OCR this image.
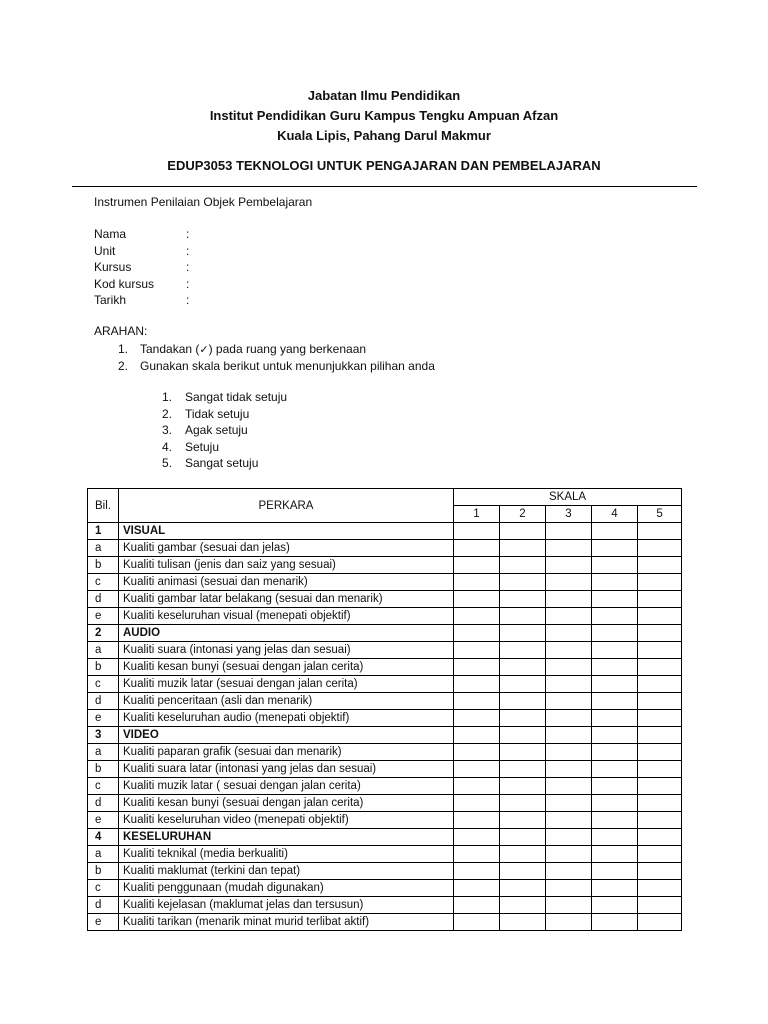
Jabatan Ilmu Pendidikan
Institut Pendidikan Guru Kampus Tengku Ampuan Afzan
Kuala Lipis, Pahang Darul Makmur
EDUP3053 TEKNOLOGI UNTUK PENGAJARAN DAN PEMBELAJARAN
Instrumen Penilaian Objek Pembelajaran
Nama	:
Unit	:
Kursus	:
Kod kursus	:
Tarikh	:
ARAHAN:
1. Tandakan (✓) pada ruang yang berkenaan
2. Gunakan skala berikut untuk menunjukkan pilihan anda
1. Sangat tidak setuju
2. Tidak setuju
3. Agak setuju
4. Setuju
5. Sangat setuju
Bil.	PERKARA	SKALA				
		1	2	3	4	5
1	VISUAL					
a	Kualiti gambar (sesuai dan jelas)					
b	Kualiti tulisan (jenis dan saiz yang sesuai)					
c	Kualiti animasi (sesuai dan menarik)					
d	Kualiti gambar latar belakang (sesuai dan menarik)					
e	Kualiti keseluruhan visual (menepati objektif)					
2	AUDIO					
a	Kualiti suara (intonasi yang jelas dan sesuai)					
b	Kualiti kesan bunyi (sesuai dengan jalan cerita)					
c	Kualiti muzik latar (sesuai dengan jalan cerita)					
d	Kualiti penceritaan (asli dan menarik)					
e	Kualiti keseluruhan audio (menepati objektif)					
3	VIDEO					
a	Kualiti paparan grafik (sesuai dan menarik)					
b	Kualiti suara latar (intonasi yang jelas dan sesuai)					
c	Kualiti muzik latar ( sesuai dengan jalan cerita)					
d	Kualiti kesan bunyi (sesuai dengan jalan cerita)					
e	Kualiti keseluruhan video (menepati objektif)					
4	KESELURUHAN					
a	Kualiti teknikal (media berkualiti)					
b	Kualiti maklumat (terkini dan tepat)					
c	Kualiti penggunaan (mudah digunakan)					
d	Kualiti kejelasan (maklumat jelas dan tersusun)					
e	Kualiti tarikan (menarik minat murid terlibat aktif)					
